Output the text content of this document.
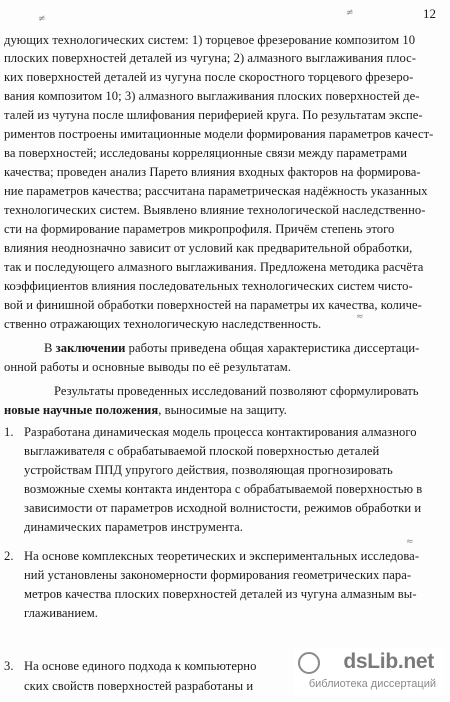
≠
≠	12
дующих технологических систем: 1) торцевое фрезерование композитом 10
плоских поверхностей деталей из чугуна; 2) алмазного выглаживания плос-
ких поверхностей деталей из чугуна после скоростного торцевого фрезеро-
вания композитом 10; 3) алмазного выглаживания плоских поверхностей де-
талей из чутуна после шлифования периферией круга. По результатам экспе-
риментов построены имитационные модели формирования параметров качест-
ва поверхностей; исследованы корреляционные связи между параметрами
качества; проведен анализ Парето влияния входных факторов на формирова-
ние параметров качества; рассчитана параметрическая надёжность указанных
технологических систем. Выявлено влияние технологической наследственно-
сти на формирование параметров микропрофиля. Причём степень этого
влияния неоднозначно зависит от условий как предварительной обработки,
так и последующего алмазного выглаживания. Предложена методика расчёта
коэффициентов влияния последовательных технологических систем чисто-
вой и финишной обработки поверхностей на параметры их качества, количе-
ственно отражающих технологическую наследственность.	≈
В заключении работы приведена общая характеристика диссертаци-
онной работы и основные выводы по её результатам.
Результаты проведенных исследований позволяют сформулировать
новые научные положения, выносимые на защиту.
1. Разработана динамическая модель процесса контактирования алмазного
выглаживателя с обрабатываемой плоской поверхностью деталей
устройствам ППД упругого действия, позволяющая прогнозировать
возможные схемы контакта индентора с обрабатываемой поверхностью в
зависимости от параметров исходной волнистости, режимов обработки и
динамических параметров инструмента.
≈
2. На основе комплексных теоретических и экспериментальных исследова-
ний установлены закономерности формирования геометрических пара-
метров качества плоских поверхностей деталей из чугуна алмазным вы-
глаживанием.
3. На основе единого подхода к компьютерно
ских свойств поверхностей разработаны и
dsLib.net
библиотека диссертаций
